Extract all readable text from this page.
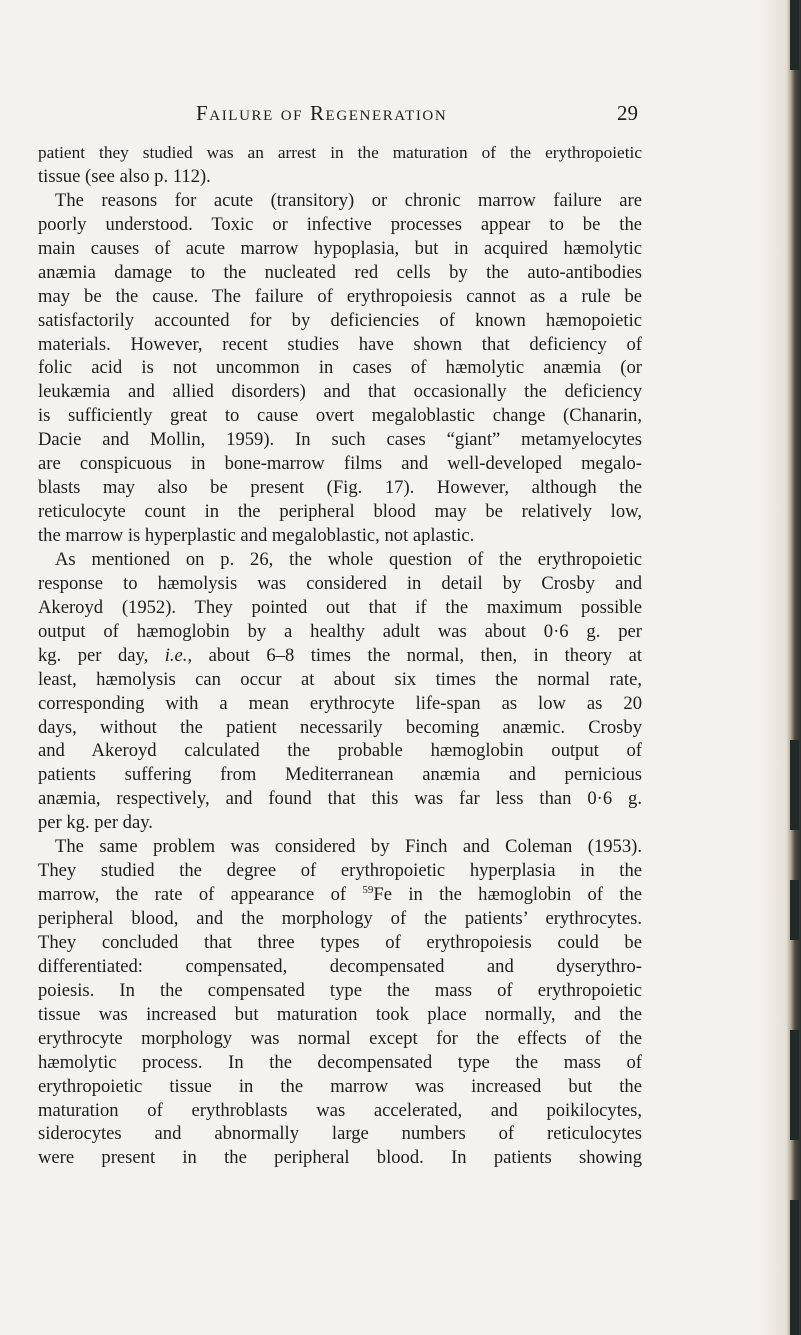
Failure of Regeneration	29
patient they studied was an arrest in the maturation of the erythropoietic
tissue (see also p. 112).
The reasons for acute (transitory) or chronic marrow failure are
poorly understood. Toxic or infective processes appear to be the
main causes of acute marrow hypoplasia, but in acquired hæmolytic
anæmia damage to the nucleated red cells by the auto-antibodies
may be the cause. The failure of erythropoiesis cannot as a rule be
satisfactorily accounted for by deficiencies of known hæmopoietic
materials. However, recent studies have shown that deficiency of
folic acid is not uncommon in cases of hæmolytic anæmia (or
leukæmia and allied disorders) and that occasionally the deficiency
is sufficiently great to cause overt megaloblastic change (Chanarin,
Dacie and Mollin, 1959). In such cases “giant” metamyelocytes
are conspicuous in bone-marrow films and well-developed megalo-
blasts may also be present (Fig. 17). However, although the
reticulocyte count in the peripheral blood may be relatively low,
the marrow is hyperplastic and megaloblastic, not aplastic.
As mentioned on p. 26, the whole question of the erythropoietic
response to hæmolysis was considered in detail by Crosby and
Akeroyd (1952). They pointed out that if the maximum possible
output of hæmoglobin by a healthy adult was about 0·6 g. per
kg. per day, i.e., about 6–8 times the normal, then, in theory at
least, hæmolysis can occur at about six times the normal rate,
corresponding with a mean erythrocyte life-span as low as 20
days, without the patient necessarily becoming anæmic. Crosby
and Akeroyd calculated the probable hæmoglobin output of
patients suffering from Mediterranean anæmia and pernicious
anæmia, respectively, and found that this was far less than 0·6 g.
per kg. per day.
The same problem was considered by Finch and Coleman (1953).
They studied the degree of erythropoietic hyperplasia in the
marrow, the rate of appearance of $^{59}$Fe in the hæmoglobin of the
peripheral blood, and the morphology of the patients’ erythrocytes.
They concluded that three types of erythropoiesis could be
differentiated: compensated, decompensated and dyserythro-
poiesis. In the compensated type the mass of erythropoietic
tissue was increased but maturation took place normally, and the
erythrocyte morphology was normal except for the effects of the
hæmolytic process. In the decompensated type the mass of
erythropoietic tissue in the marrow was increased but the
maturation of erythroblasts was accelerated, and poikilocytes,
siderocytes and abnormally large numbers of reticulocytes
were present in the peripheral blood. In patients showing
